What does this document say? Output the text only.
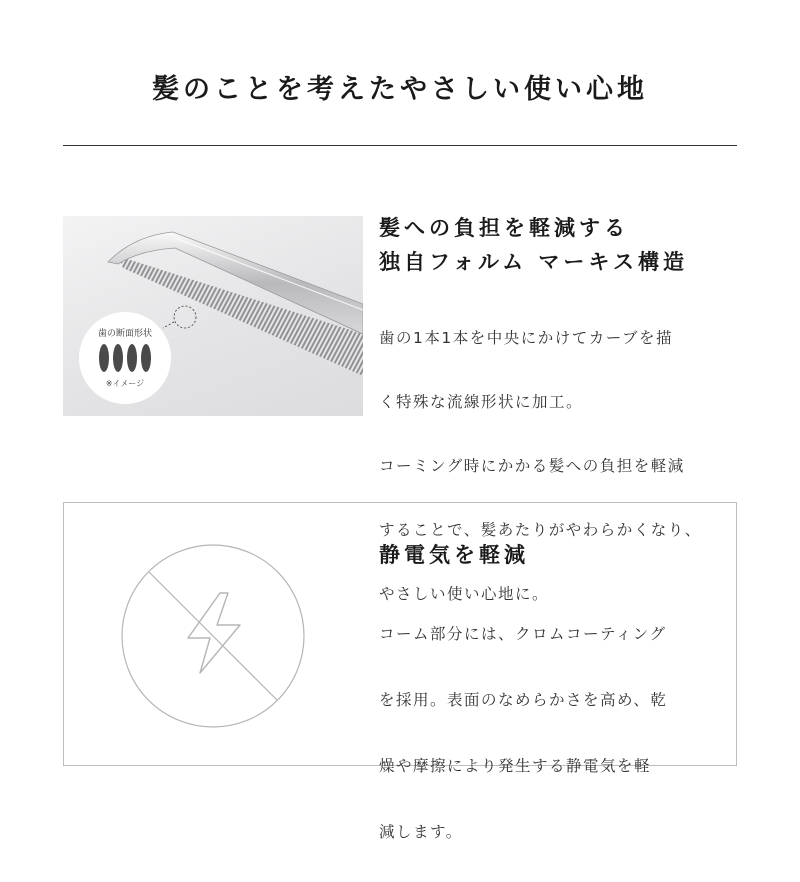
髪のことを考えたやさしい使い心地
歯の断面形状
※イメージ
髪への負担を軽減する
独自フォルム マーキス構造

歯の1本1本を中央にかけてカーブを描

く特殊な流線形状に加工。

コーミング時にかかる髪への負担を軽減

することで、髪あたりがやわらかくなり、

やさしい使い心地に。

静電気を軽減

コーム部分には、クロムコーティング

を採用。表面のなめらかさを高め、乾

燥や摩擦により発生する静電気を軽

減します。
